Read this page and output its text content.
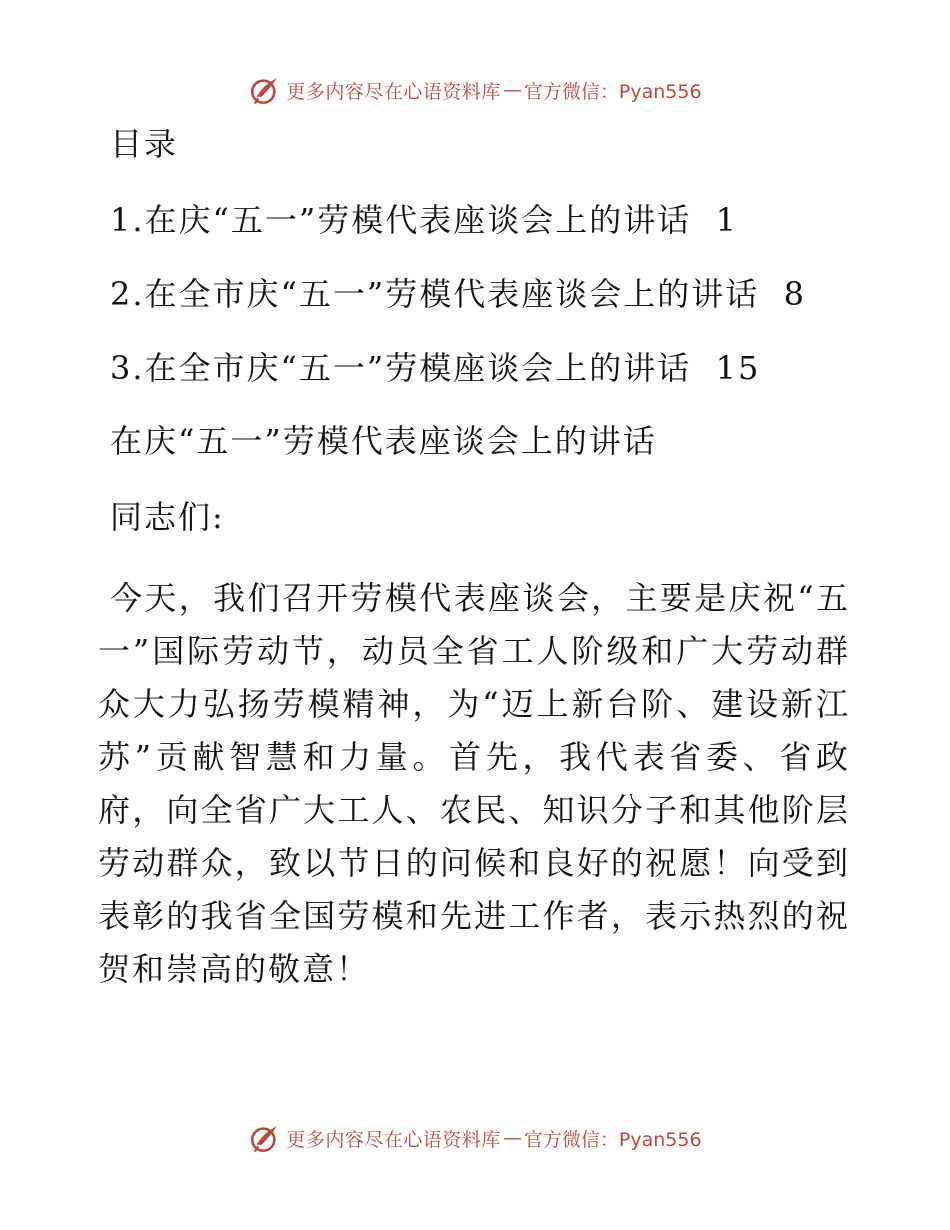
更多内容尽在心语资料库 — 官方微信：Pyan556
目录
1.在庆“五一”劳模代表座谈会上的讲话 1
2.在全市庆“五一”劳模代表座谈会上的讲话 8
3.在全市庆“五一”劳模座谈会上的讲话 15
在庆“五一”劳模代表座谈会上的讲话
同志们:
今天，我们召开劳模代表座谈会，主要是庆祝“五一”国际劳动节，动员全省工人阶级和广大劳动群众大力弘扬劳模精神，为“迈上新台阶、建设新江苏”贡献智慧和力量。首先，我代表省委、省政府，向全省广大工人、农民、知识分子和其他阶层劳动群众，致以节日的问候和良好的祝愿！向受到表彰的我省全国劳模和先进工作者，表示热烈的祝贺和崇高的敬意！
更多内容尽在心语资料库 — 官方微信：Pyan556
